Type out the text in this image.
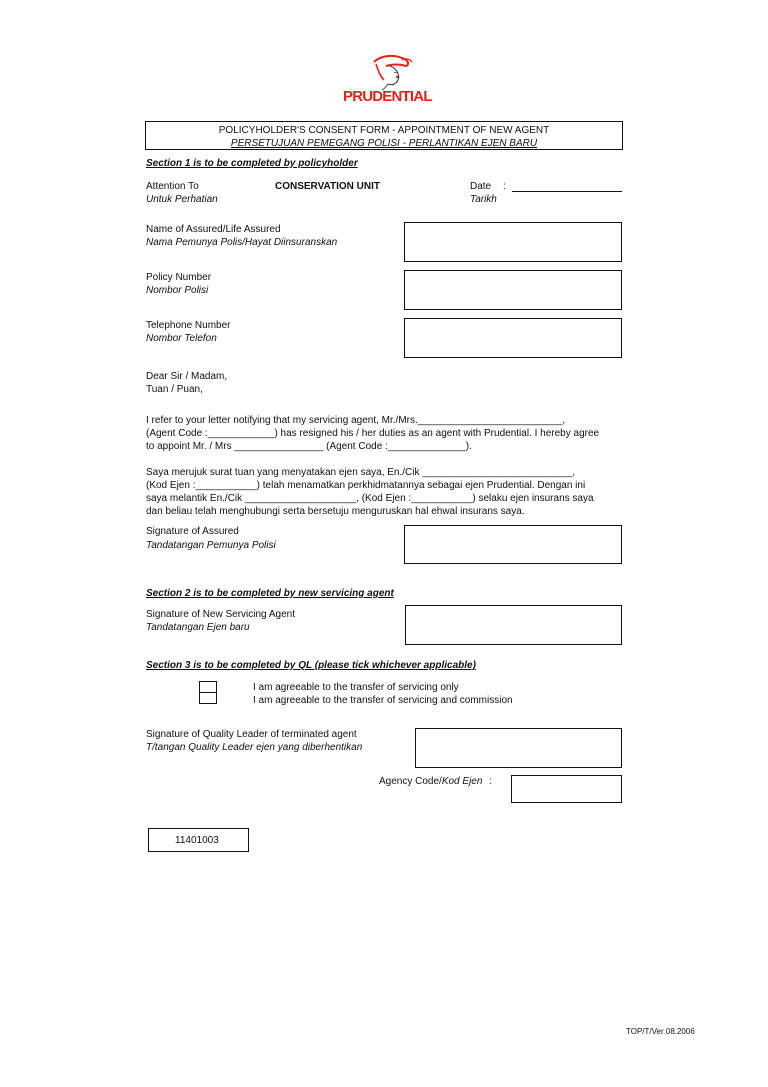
PRUDENTIAL
POLICYHOLDER'S CONSENT FORM - APPOINTMENT OF NEW AGENT
PERSETUJUAN PEMEGANG POLISI - PERLANTIKAN EJEN BARU
Section 1 is to be completed by policyholder
Attention To
Untuk Perhatian
CONSERVATION UNIT	Date :
Tarikh
Name of Assured/Life Assured
Nama Pemunya Polis/Hayat Diinsuranskan
Policy Number
Nombor Polisi
Telephone Number
Nombor Telefon
Dear Sir / Madam,
Tuan / Puan,
I refer to your letter notifying that my servicing agent, Mr./Mrs.__________________________,
(Agent Code :____________) has resigned his / her duties as an agent with Prudential. I hereby agree
to appoint Mr. / Mrs ________________ (Agent Code :______________).
Saya merujuk surat tuan yang menyatakan ejen saya, En./Cik ___________________________,
(Kod Ejen :___________) telah menamatkan perkhidmatannya sebagai ejen Prudential. Dengan ini
saya melantik En./Cik ____________________, (Kod Ejen :___________) selaku ejen insurans saya
dan beliau telah menghubungi serta bersetuju menguruskan hal ehwal insurans saya.
Signature of Assured
Tandatangan Pemunya Polisi
Section 2 is to be completed by new servicing agent
Signature of New Servicing Agent
Tandatangan Ejen baru
Section 3 is to be completed by QL (please tick whichever applicable)
I am agreeable to the transfer of servicing only
I am agreeable to the transfer of servicing and commission
Signature of Quality Leader of terminated agent
T/tangan Quality Leader ejen yang diberhentikan
Agency Code/Kod Ejen :
11401003
TOP/T/Ver 08.2006
